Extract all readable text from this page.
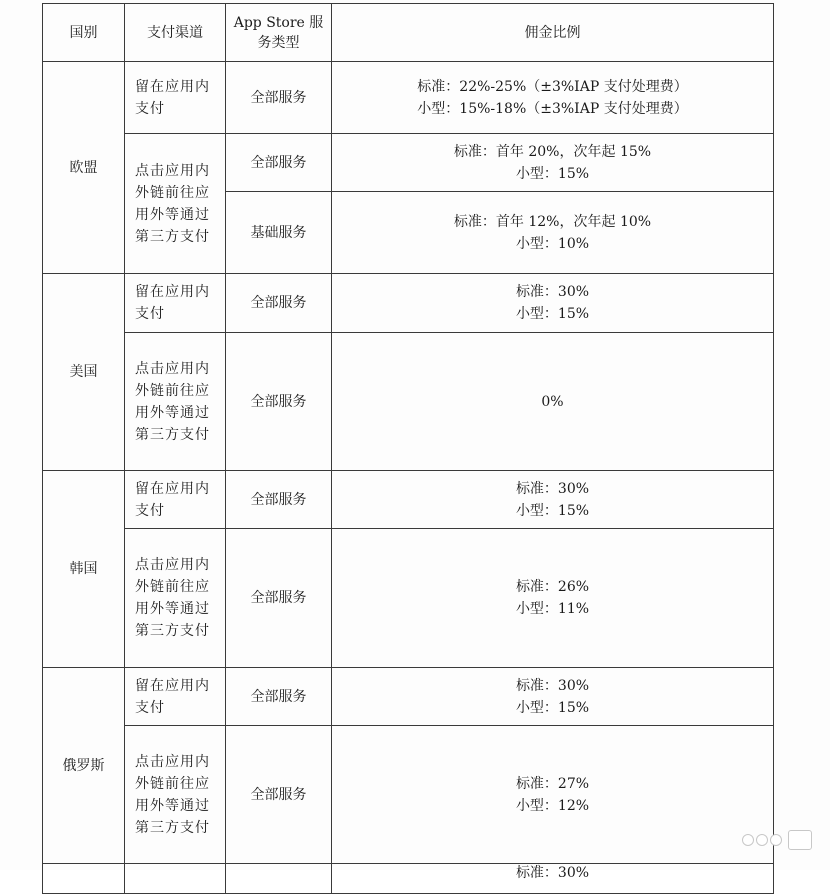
国别	支付渠道	App Store 服
务类型	佣金比例
欧盟	留在应用内
支付	全部服务	标准：22%-25%（±3%IAP 支付处理费）
小型：15%-18%（±3%IAP 支付处理费）

	点击应用内
外链前往应
用外等通过
第三方支付	全部服务	标准：首年 20%，次年起 15%
小型：15%

		基础服务	标准：首年 12%，次年起 10%
小型：10%

美国	留在应用内
支付	全部服务	标准：30%
小型：15%

	点击应用内
外链前往应
用外等通过
第三方支付	全部服务	0%

韩国	留在应用内
支付	全部服务	标准：30%
小型：15%

	点击应用内
外链前往应
用外等通过
第三方支付	全部服务	标准：26%
小型：11%

俄罗斯	留在应用内
支付	全部服务	标准：30%
小型：15%

	点击应用内
外链前往应
用外等通过
第三方支付	全部服务	标准：27%
小型：12%

			标准：30%
